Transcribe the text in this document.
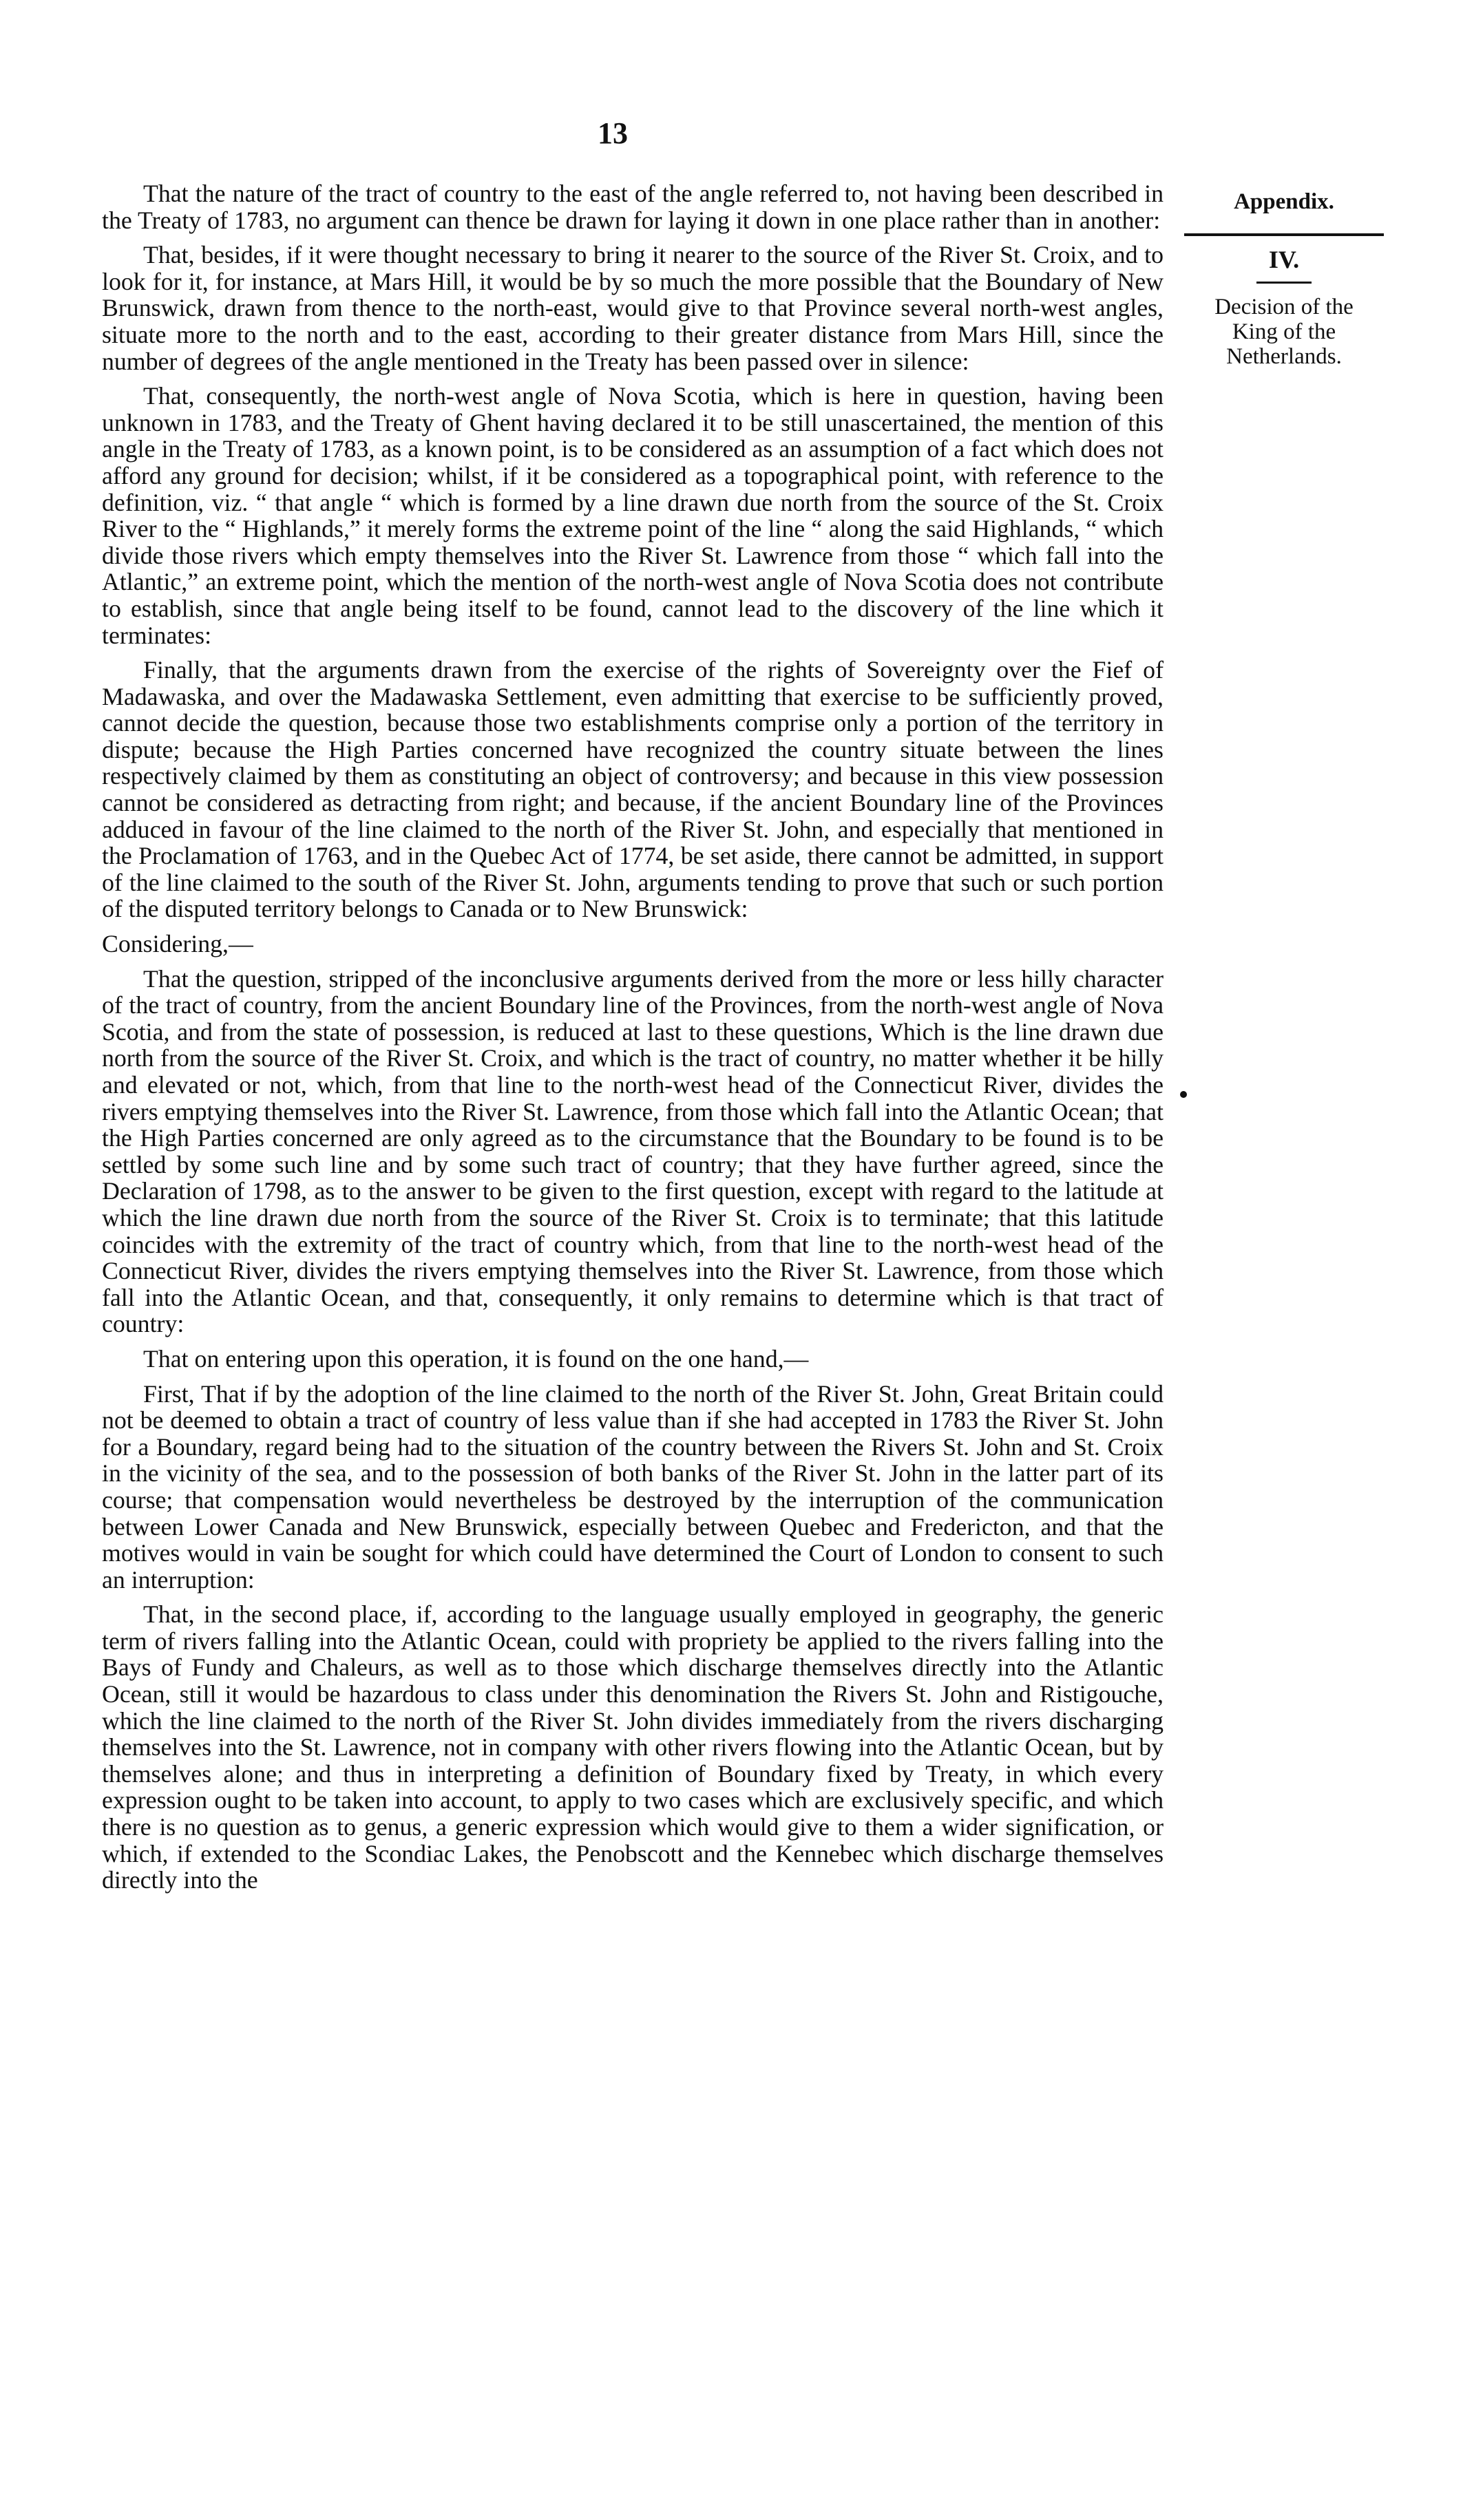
13
Appendix.
IV.
Decision of the King of the Netherlands.

That the nature of the tract of country to the east of the angle referred to, not having been described in the Treaty of 1783, no argument can thence be drawn for laying it down in one place rather than in another:

That, besides, if it were thought necessary to bring it nearer to the source of the River St. Croix, and to look for it, for instance, at Mars Hill, it would be by so much the more possible that the Boundary of New Brunswick, drawn from thence to the north-east, would give to that Province several north-west angles, situate more to the north and to the east, according to their greater distance from Mars Hill, since the number of degrees of the angle mentioned in the Treaty has been passed over in silence:

That, consequently, the north-west angle of Nova Scotia, which is here in question, having been unknown in 1783, and the Treaty of Ghent having declared it to be still unascertained, the mention of this angle in the Treaty of 1783, as a known point, is to be considered as an assumption of a fact which does not afford any ground for decision; whilst, if it be considered as a topographical point, with reference to the definition, viz. “ that angle “ which is formed by a line drawn due north from the source of the St. Croix River to the “ Highlands,” it merely forms the extreme point of the line “ along the said Highlands, “ which divide those rivers which empty themselves into the River St. Lawrence from those “ which fall into the Atlantic,” an extreme point, which the mention of the north-west angle of Nova Scotia does not contribute to establish, since that angle being itself to be found, cannot lead to the discovery of the line which it terminates:

Finally, that the arguments drawn from the exercise of the rights of Sovereignty over the Fief of Madawaska, and over the Madawaska Settlement, even admitting that exercise to be sufficiently proved, cannot decide the question, because those two establishments comprise only a portion of the territory in dispute; because the High Parties concerned have recognized the country situate between the lines respectively claimed by them as constituting an object of controversy; and because in this view possession cannot be considered as detracting from right; and because, if the ancient Boundary line of the Provinces adduced in favour of the line claimed to the north of the River St. John, and especially that mentioned in the Proclamation of 1763, and in the Quebec Act of 1774, be set aside, there cannot be admitted, in support of the line claimed to the south of the River St. John, arguments tending to prove that such or such portion of the disputed territory belongs to Canada or to New Brunswick:

Considering,—

That the question, stripped of the inconclusive arguments derived from the more or less hilly character of the tract of country, from the ancient Boundary line of the Provinces, from the north-west angle of Nova Scotia, and from the state of possession, is reduced at last to these questions, Which is the line drawn due north from the source of the River St. Croix, and which is the tract of country, no matter whether it be hilly and elevated or not, which, from that line to the north-west head of the Connecticut River, divides the rivers emptying themselves into the River St. Lawrence, from those which fall into the Atlantic Ocean; that the High Parties concerned are only agreed as to the circumstance that the Boundary to be found is to be settled by some such line and by some such tract of country; that they have further agreed, since the Declaration of 1798, as to the answer to be given to the first question, except with regard to the latitude at which the line drawn due north from the source of the River St. Croix is to terminate; that this latitude coincides with the extremity of the tract of country which, from that line to the north-west head of the Connecticut River, divides the rivers emptying themselves into the River St. Lawrence, from those which fall into the Atlantic Ocean, and that, consequently, it only remains to determine which is that tract of country:

That on entering upon this operation, it is found on the one hand,—

First, That if by the adoption of the line claimed to the north of the River St. John, Great Britain could not be deemed to obtain a tract of country of less value than if she had accepted in 1783 the River St. John for a Boundary, regard being had to the situation of the country between the Rivers St. John and St. Croix in the vicinity of the sea, and to the possession of both banks of the River St. John in the latter part of its course; that compensation would nevertheless be destroyed by the interruption of the communication between Lower Canada and New Brunswick, especially between Quebec and Fredericton, and that the motives would in vain be sought for which could have determined the Court of London to consent to such an interruption:

That, in the second place, if, according to the language usually employed in geography, the generic term of rivers falling into the Atlantic Ocean, could with propriety be applied to the rivers falling into the Bays of Fundy and Chaleurs, as well as to those which discharge themselves directly into the Atlantic Ocean, still it would be hazardous to class under this denomination the Rivers St. John and Ristigouche, which the line claimed to the north of the River St. John divides immediately from the rivers discharging themselves into the St. Lawrence, not in company with other rivers flowing into the Atlantic Ocean, but by themselves alone; and thus in interpreting a definition of Boundary fixed by Treaty, in which every expression ought to be taken into account, to apply to two cases which are exclusively specific, and which there is no question as to genus, a generic expression which would give to them a wider signification, or which, if extended to the Scondiac Lakes, the Penobscott and the Kennebec which discharge themselves directly into the
